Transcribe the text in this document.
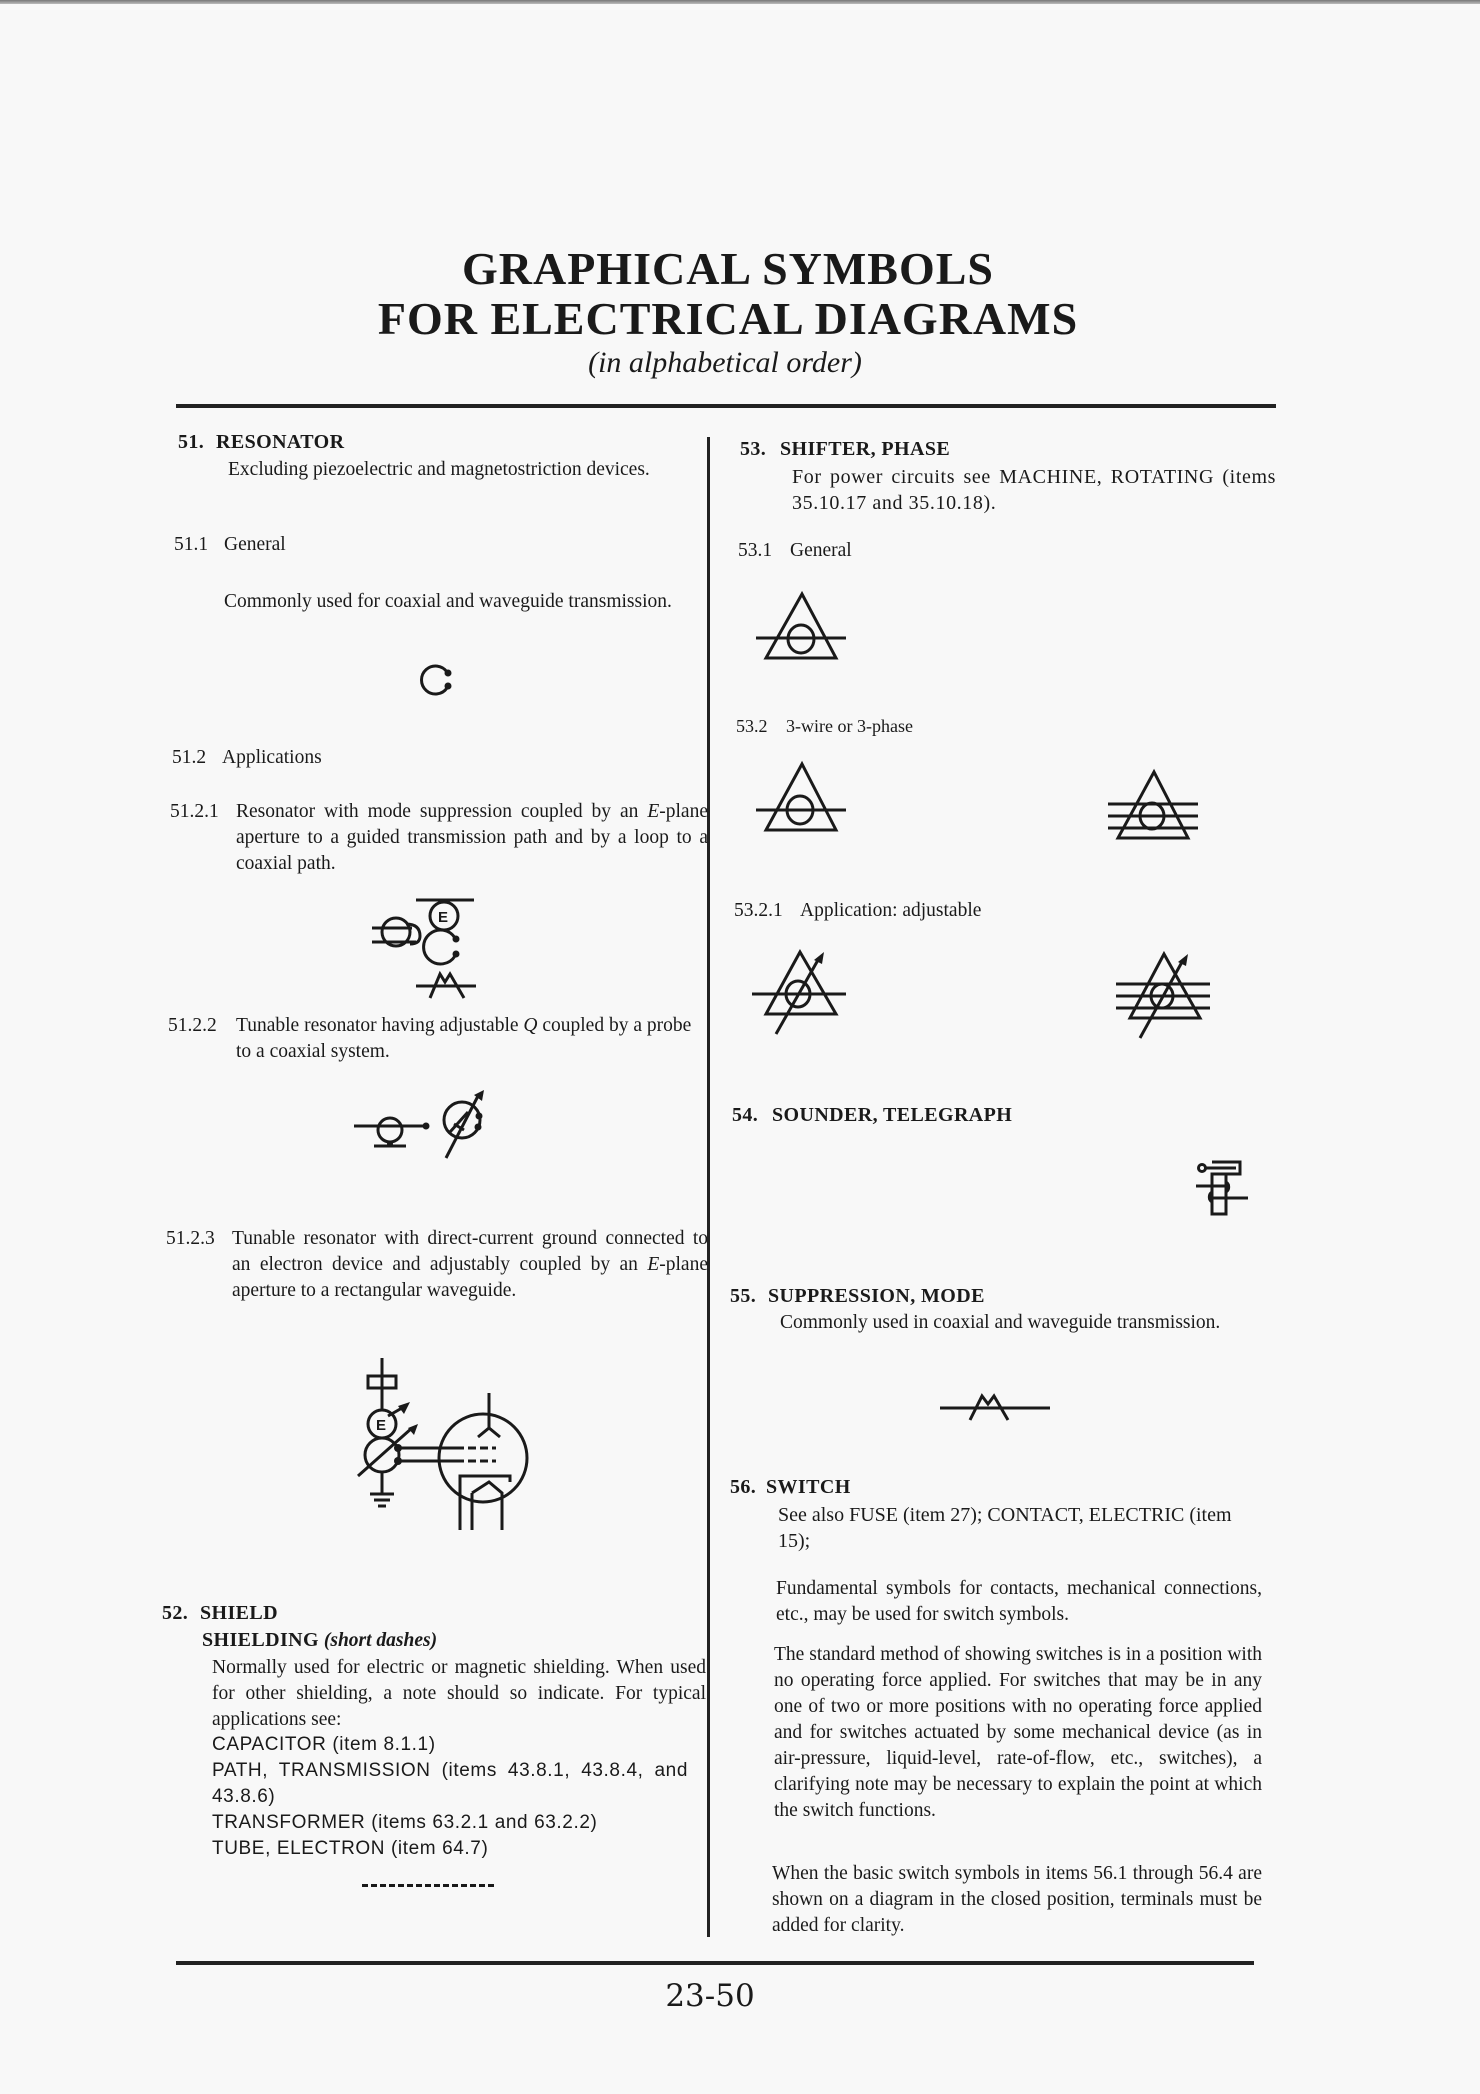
GRAPHICAL SYMBOLS
FOR ELECTRICAL DIAGRAMS
(in alphabetical order)
51. RESONATOR
Excluding piezoelectric and magnetostriction devices.
51.1 General
Commonly used for coaxial and waveguide transmission.
51.2 Applications
51.2.1 Resonator with mode suppression coupled by an E-plane aperture to a guided transmission path and by a loop to a coaxial path.
E
51.2.2 Tunable resonator having adjustable Q coupled by a probe to a coaxial system.
51.2.3 Tunable resonator with direct-current ground connected to an electron device and adjustably coupled by an E-plane aperture to a rectangular waveguide.
E
52. SHIELD
SHIELDING (short dashes)
Normally used for electric or magnetic shielding. When used for other shielding, a note should so indicate. For typical applications see:
CAPACITOR (item 8.1.1)
PATH, TRANSMISSION (items 43.8.1, 43.8.4, and 43.8.6)
TRANSFORMER (items 63.2.1 and 63.2.2)
TUBE, ELECTRON (item 64.7)
53. SHIFTER, PHASE
For power circuits see MACHINE, ROTATING (items 35.10.17 and 35.10.18).
53.1 General
53.2 3-wire or 3-phase
53.2.1 Application: adjustable
54. SOUNDER, TELEGRAPH
55. SUPPRESSION, MODE
Commonly used in coaxial and waveguide transmission.
56. SWITCH
See also FUSE (item 27); CONTACT, ELECTRIC (item 15);
Fundamental symbols for contacts, mechanical connections, etc., may be used for switch symbols.
The standard method of showing switches is in a position with no operating force applied. For switches that may be in any one of two or more positions with no operating force applied and for switches actuated by some mechanical device (as in air-pressure, liquid-level, rate-of-flow, etc., switches), a clarifying note may be necessary to explain the point at which the switch functions.
When the basic switch symbols in items 56.1 through 56.4 are shown on a diagram in the closed position, terminals must be added for clarity.
23-50
